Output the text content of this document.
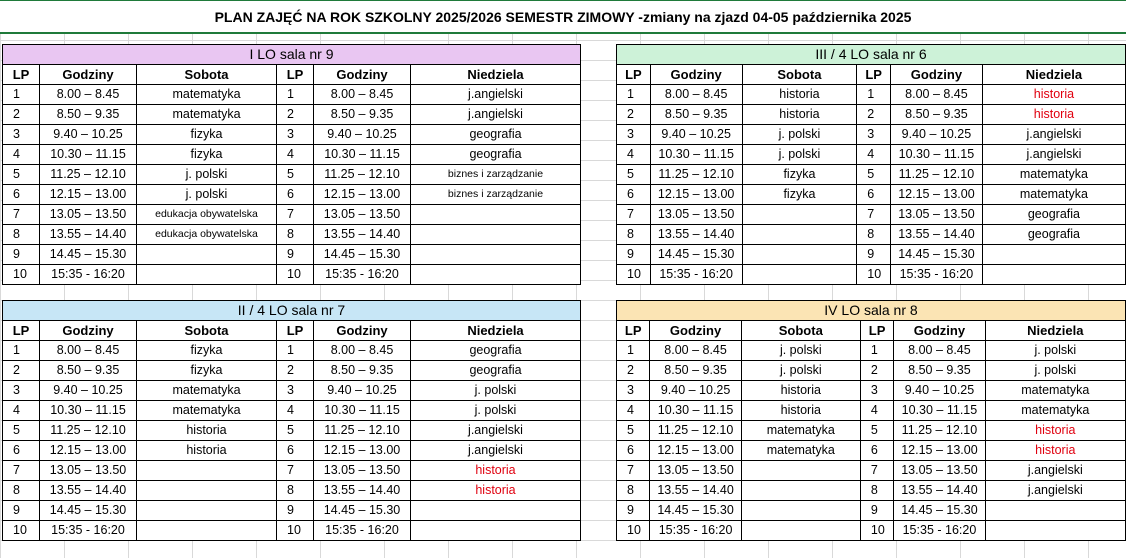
PLAN ZAJĘĆ NA ROK SZKOLNY 2025/2026 SEMESTR ZIMOWY -zmiany na zjazd 04-05 października 2025
I LO sala nr 9					
LP	Godziny	Sobota	LP	Godziny	Niedziela
1	8.00 – 8.45	matematyka	1	8.00 – 8.45	j.angielski
2	8.50 – 9.35	matematyka	2	8.50 – 9.35	j.angielski
3	9.40 – 10.25	fizyka	3	9.40 – 10.25	geografia
4	10.30 – 11.15	fizyka	4	10.30 – 11.15	geografia
5	11.25 – 12.10	j. polski	5	11.25 – 12.10	biznes i zarządzanie
6	12.15 – 13.00	j. polski	6	12.15 – 13.00	biznes i zarządzanie
7	13.05 – 13.50	edukacja obywatelska	7	13.05 – 13.50	
8	13.55 – 14.40	edukacja obywatelska	8	13.55 – 14.40	
9	14.45 – 15.30		9	14.45 – 15.30	
10	15:35 - 16:20		10	15:35 - 16:20	
III / 4 LO sala nr 6					
LP	Godziny	Sobota	LP	Godziny	Niedziela
1	8.00 – 8.45	historia	1	8.00 – 8.45	historia
2	8.50 – 9.35	historia	2	8.50 – 9.35	historia
3	9.40 – 10.25	j. polski	3	9.40 – 10.25	j.angielski
4	10.30 – 11.15	j. polski	4	10.30 – 11.15	j.angielski
5	11.25 – 12.10	fizyka	5	11.25 – 12.10	matematyka
6	12.15 – 13.00	fizyka	6	12.15 – 13.00	matematyka
7	13.05 – 13.50		7	13.05 – 13.50	geografia
8	13.55 – 14.40		8	13.55 – 14.40	geografia
9	14.45 – 15.30		9	14.45 – 15.30	
10	15:35 - 16:20		10	15:35 - 16:20	
II / 4 LO sala nr 7					
LP	Godziny	Sobota	LP	Godziny	Niedziela
1	8.00 – 8.45	fizyka	1	8.00 – 8.45	geografia
2	8.50 – 9.35	fizyka	2	8.50 – 9.35	geografia
3	9.40 – 10.25	matematyka	3	9.40 – 10.25	j. polski
4	10.30 – 11.15	matematyka	4	10.30 – 11.15	j. polski
5	11.25 – 12.10	historia	5	11.25 – 12.10	j.angielski
6	12.15 – 13.00	historia	6	12.15 – 13.00	j.angielski
7	13.05 – 13.50		7	13.05 – 13.50	historia
8	13.55 – 14.40		8	13.55 – 14.40	historia
9	14.45 – 15.30		9	14.45 – 15.30	
10	15:35 - 16:20		10	15:35 - 16:20	
IV LO sala nr 8					
LP	Godziny	Sobota	LP	Godziny	Niedziela
1	8.00 – 8.45	j. polski	1	8.00 – 8.45	j. polski
2	8.50 – 9.35	j. polski	2	8.50 – 9.35	j. polski
3	9.40 – 10.25	historia	3	9.40 – 10.25	matematyka
4	10.30 – 11.15	historia	4	10.30 – 11.15	matematyka
5	11.25 – 12.10	matematyka	5	11.25 – 12.10	historia
6	12.15 – 13.00	matematyka	6	12.15 – 13.00	historia
7	13.05 – 13.50		7	13.05 – 13.50	j.angielski
8	13.55 – 14.40		8	13.55 – 14.40	j.angielski
9	14.45 – 15.30		9	14.45 – 15.30	
10	15:35 - 16:20		10	15:35 - 16:20	
